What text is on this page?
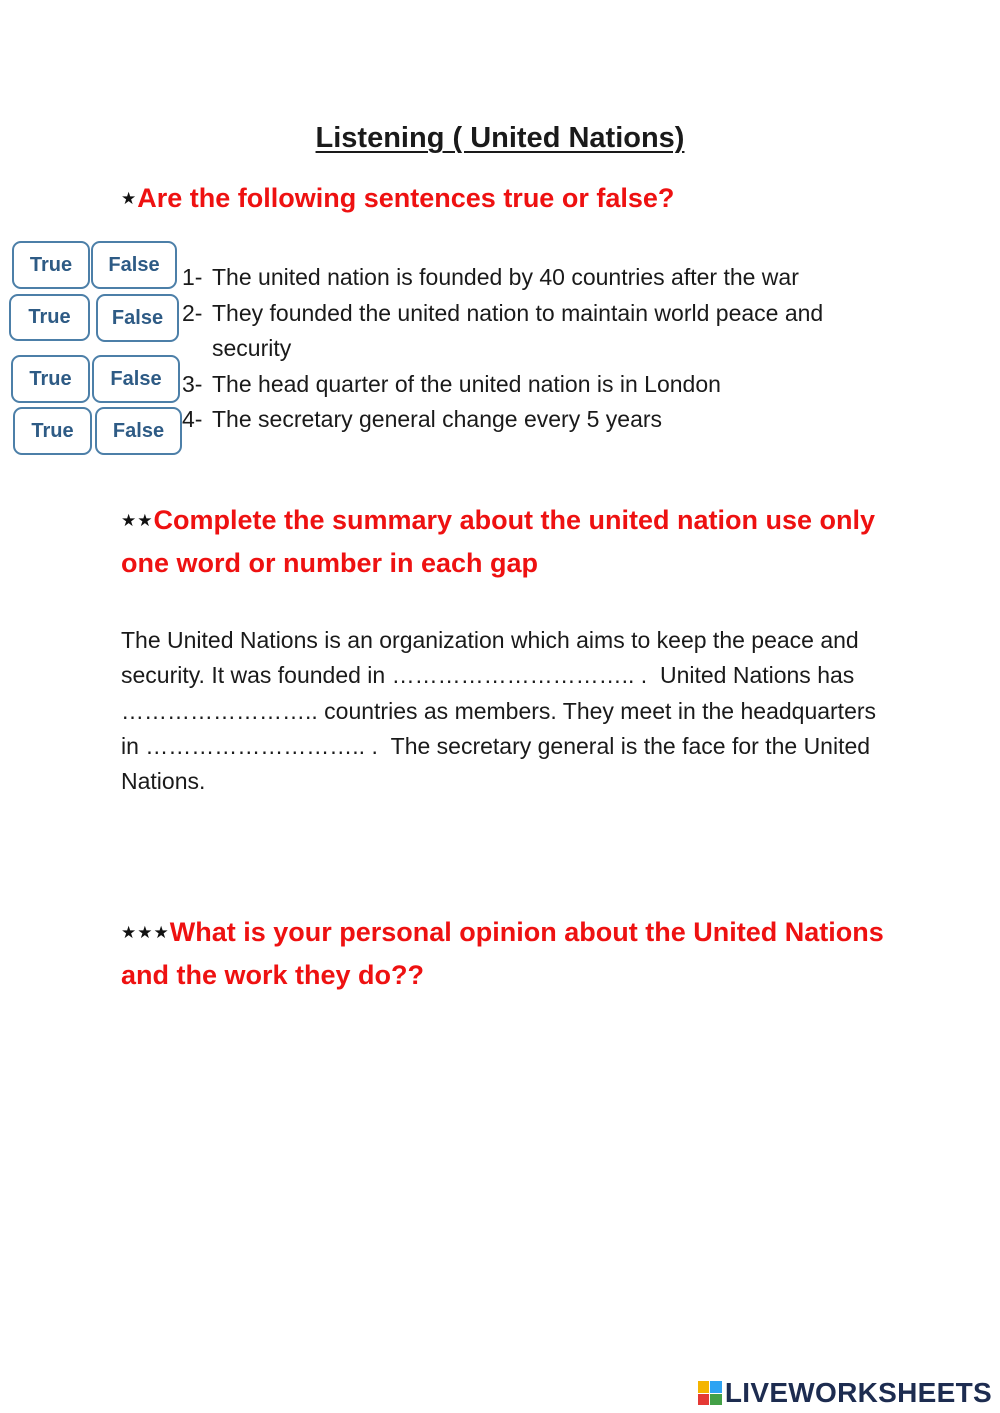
Listening ( United Nations)
★Are the following sentences true or false?
True	False
True	False
True	False
True	False
1- The united nation is founded by 40 countries after the war
2- They founded the united nation to maintain world peace and security
3- The head quarter of the united nation is in London
4- The secretary general change every 5 years
★★Complete the summary about the united nation use only one word or number in each gap

The United Nations is an organization which aims to keep the peace and security. It was founded in ………………………….. . United Nations has …………………….. countries as members. They meet in the headquarters in ……………………….. . The secretary general is the face for the United Nations.

★★★What is your personal opinion about the United Nations and the work they do??
LIVEWORKSHEETS
